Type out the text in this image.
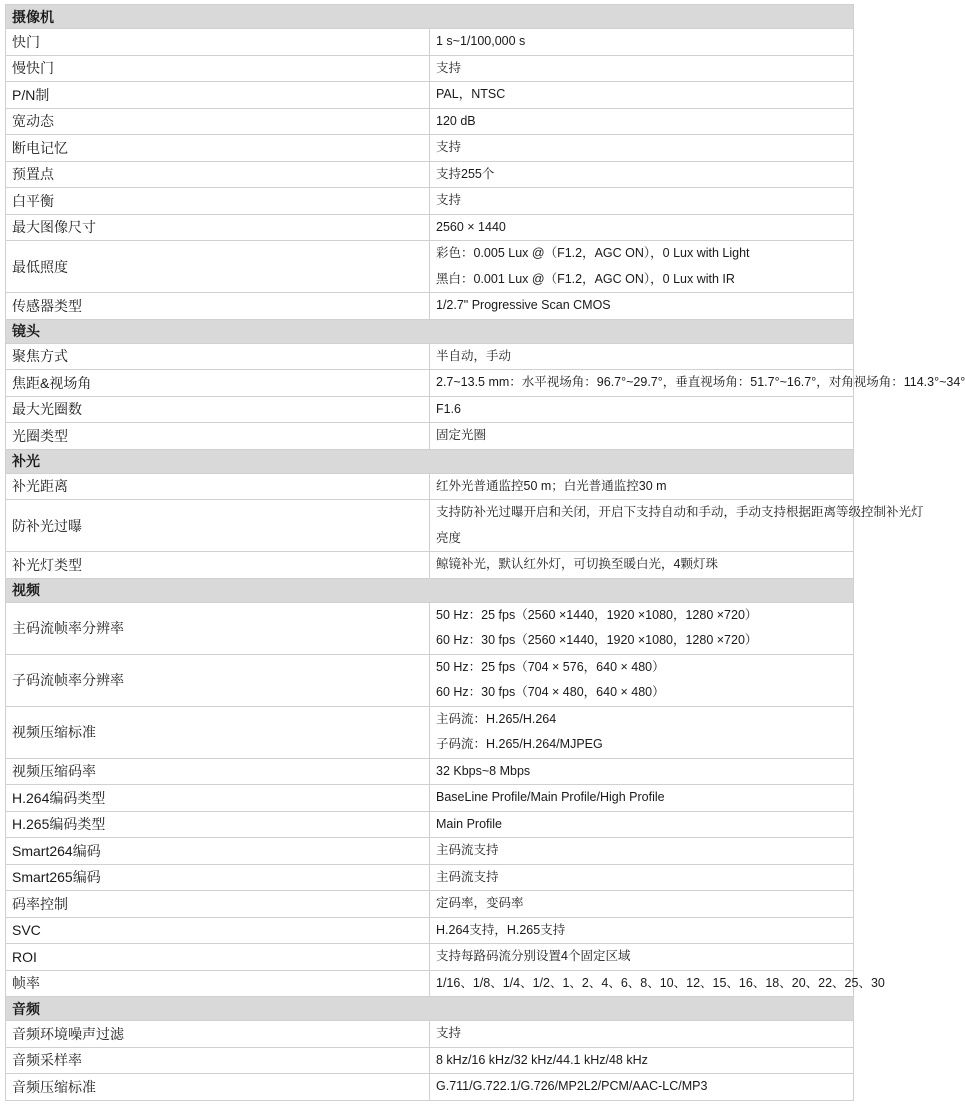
摄像机	
快门	1 s~1/100,000 s

慢快门	支持

P/N制	PAL，NTSC

宽动态	120 dB

断电记忆	支持

预置点	支持255个

白平衡	支持

最大图像尺寸	2560 × 1440

最低照度	彩色：0.005 Lux @（F1.2，AGC ON），0 Lux with Light
黑白：0.001 Lux @（F1.2，AGC ON），0 Lux with IR

传感器类型	1/2.7" Progressive Scan CMOS

镜头	
聚焦方式	半自动，手动

焦距&视场角	2.7~13.5 mm：水平视场角：96.7°~29.7°，垂直视场角：51.7°~16.7°，对角视场角：114.3°~34°

最大光圈数	F1.6

光圈类型	固定光圈

补光	
补光距离	红外光普通监控50 m；白光普通监控30 m

防补光过曝	支持防补光过曝开启和关闭，开启下支持自动和手动，手动支持根据距离等级控制补光灯
亮度

补光灯类型	鲸镜补光，默认红外灯，可切换至暖白光，4颗灯珠

视频	
主码流帧率分辨率	50 Hz：25 fps（2560 ×1440，1920 ×1080，1280 ×720）
60 Hz：30 fps（2560 ×1440，1920 ×1080，1280 ×720）

子码流帧率分辨率	50 Hz：25 fps（704 × 576，640 × 480）
60 Hz：30 fps（704 × 480，640 × 480）

视频压缩标准	主码流：H.265/H.264
子码流：H.265/H.264/MJPEG

视频压缩码率	32 Kbps~8 Mbps

H.264编码类型	BaseLine Profile/Main Profile/High Profile

H.265编码类型	Main Profile

Smart264编码	主码流支持

Smart265编码	主码流支持

码率控制	定码率，变码率

SVC	H.264支持，H.265支持

ROI	支持每路码流分别设置4个固定区域

帧率	1/16、1/8、1/4、1/2、1、2、4、6、8、10、12、15、16、18、20、22、25、30

音频	
音频环境噪声过滤	支持

音频采样率	8 kHz/16 kHz/32 kHz/44.1 kHz/48 kHz

音频压缩标准	G.711/G.722.1/G.726/MP2L2/PCM/AAC-LC/MP3
